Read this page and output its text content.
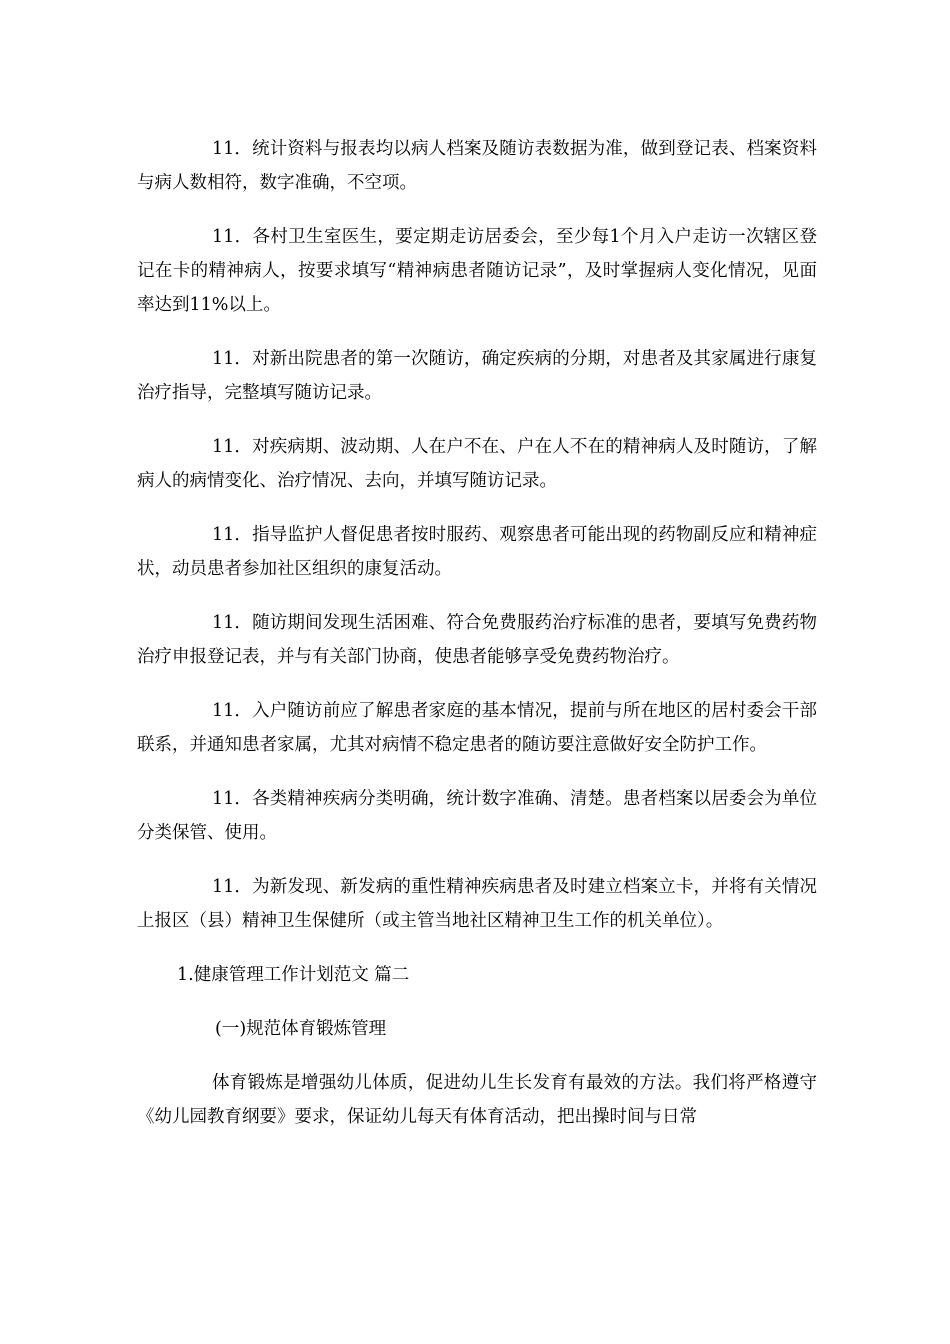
11．统计资料与报表均以病人档案及随访表数据为准，做到登记表、档案资料与病人数相符，数字准确，不空项。

11．各村卫生室医生，要定期走访居委会，至少每1个月入户走访一次辖区登记在卡的精神病人，按要求填写“精神病患者随访记录”，及时掌握病人变化情况，见面率达到11%以上。

11．对新出院患者的第一次随访，确定疾病的分期，对患者及其家属进行康复治疗指导，完整填写随访记录。

11．对疾病期、波动期、人在户不在、户在人不在的精神病人及时随访，了解病人的病情变化、治疗情况、去向，并填写随访记录。

11．指导监护人督促患者按时服药、观察患者可能出现的药物副反应和精神症状，动员患者参加社区组织的康复活动。

11．随访期间发现生活困难、符合免费服药治疗标准的患者，要填写免费药物治疗申报登记表，并与有关部门协商，使患者能够享受免费药物治疗。

11．入户随访前应了解患者家庭的基本情况，提前与所在地区的居村委会干部联系，并通知患者家属，尤其对病情不稳定患者的随访要注意做好安全防护工作。

11．各类精神疾病分类明确，统计数字准确、清楚。患者档案以居委会为单位分类保管、使用。

11．为新发现、新发病的重性精神疾病患者及时建立档案立卡，并将有关情况上报区（县）精神卫生保健所（或主管当地社区精神卫生工作的机关单位）。

1.健康管理工作计划范文 篇二

(一)规范体育锻炼管理

体育锻炼是增强幼儿体质，促进幼儿生长发育有最效的方法。我们将严格遵守《幼儿园教育纲要》要求，保证幼儿每天有体育活动，把出操时间与日常
